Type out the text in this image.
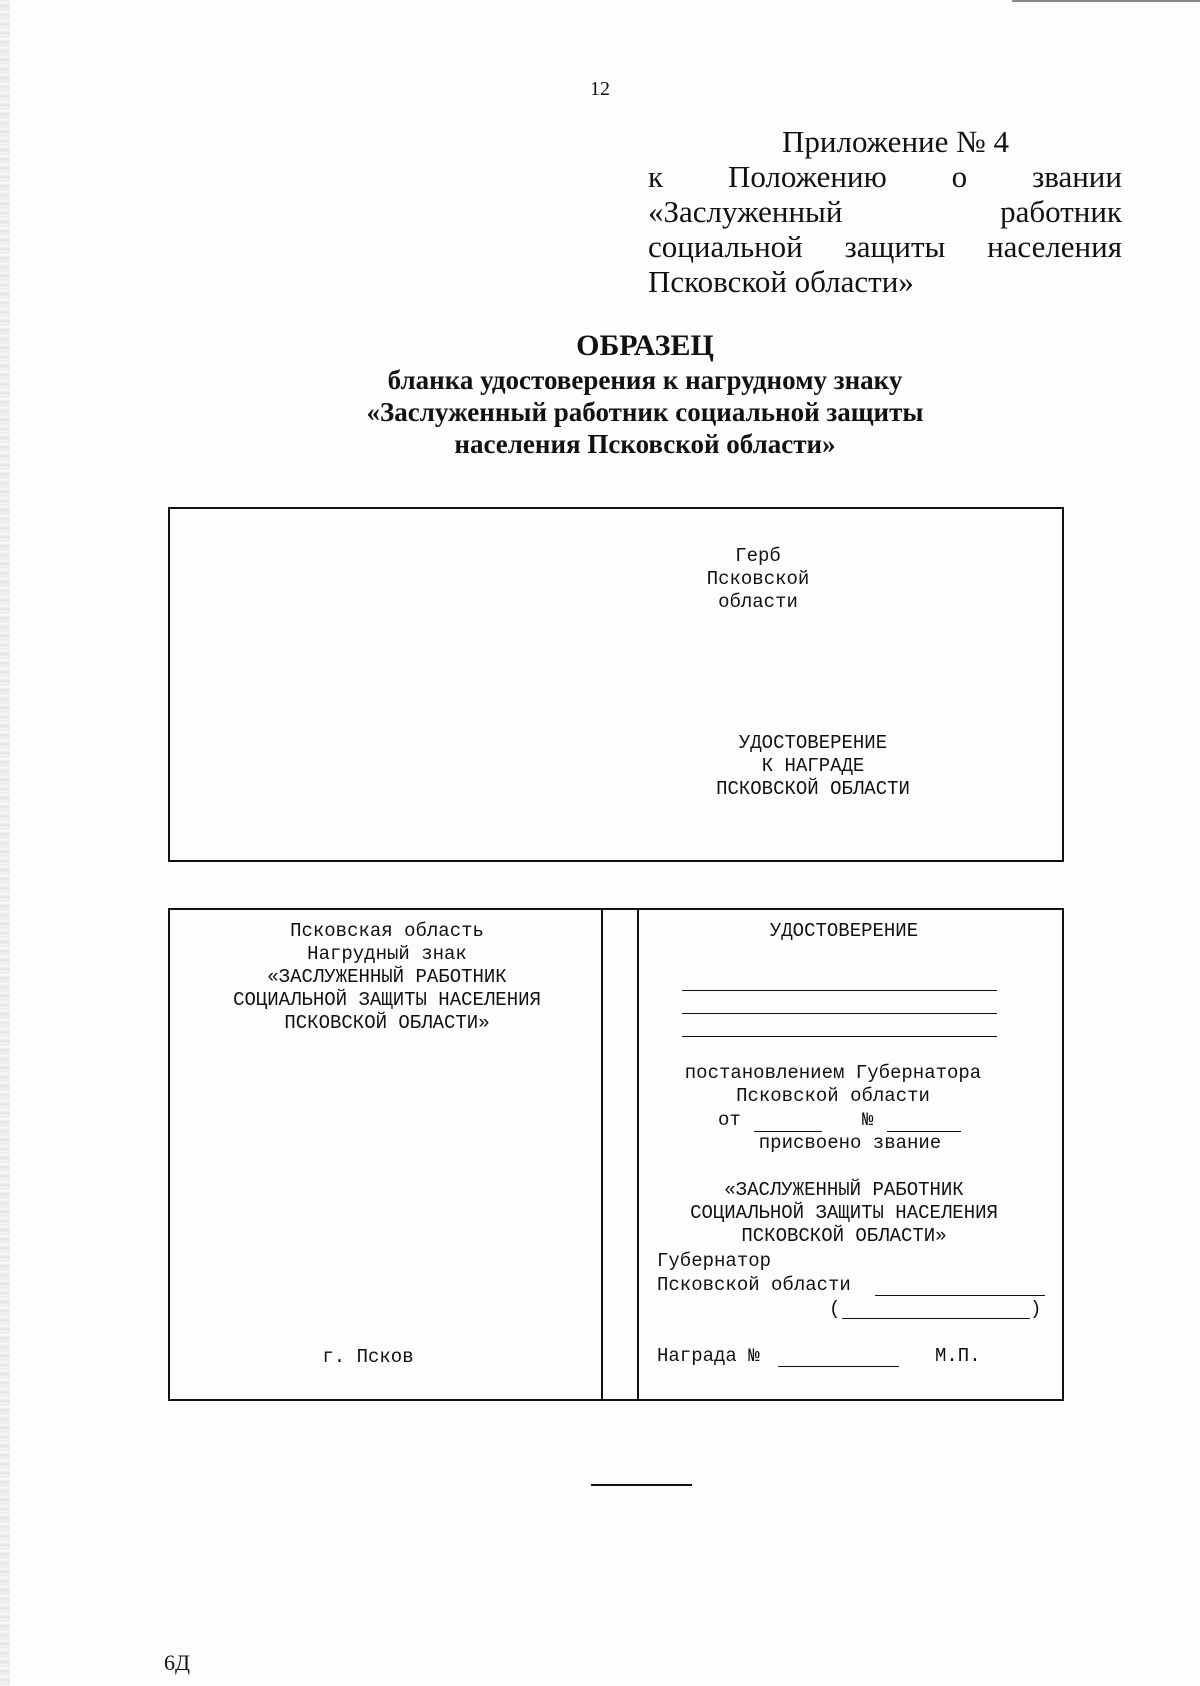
12
Приложение № 4
к Положению о звании «Заслуженный работник социальной защиты населения Псковской области»
ОБРАЗЕЦ
бланка удостоверения к нагрудному знаку
«Заслуженный работник социальной защиты
населения Псковской области»
Герб
Псковской
области
УДОСТОВЕРЕНИЕ
К НАГРАДЕ
ПСКОВСКОЙ ОБЛАСТИ
Псковская область
Нагрудный знак
«ЗАСЛУЖЕННЫЙ РАБОТНИК
СОЦИАЛЬНОЙ ЗАЩИТЫ НАСЕЛЕНИЯ
ПСКОВСКОЙ ОБЛАСТИ»
г. Псков
УДОСТОВЕРЕНИЕ
постановлением Губернатора
Псковской области
от	№
присвоено звание
«ЗАСЛУЖЕННЫЙ РАБОТНИК
СОЦИАЛЬНОЙ ЗАЩИТЫ НАСЕЛЕНИЯ
ПСКОВСКОЙ ОБЛАСТИ»
Губернатор
Псковской области
(	)
Награда №	М.П.
6Д
